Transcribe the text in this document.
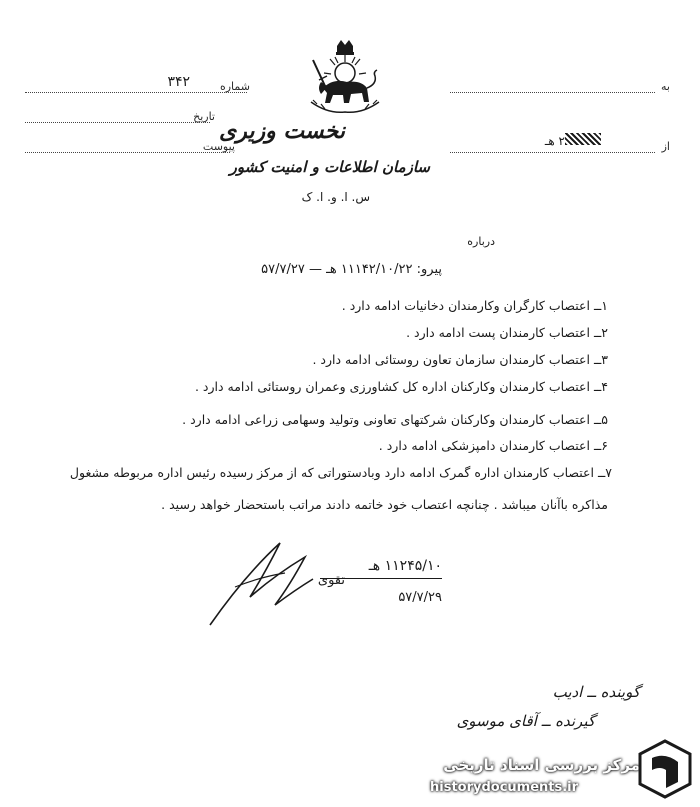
شماره
تاریخ
پیوست
نخست وزیری
سازمان اطلاعات و امنیت کشور
س. ا. و. ا. ک
به
۳۴۲
از
۲ هـ
درباره
پیرو: ۱۱۱۴۲/۱۰/۲۲ هـ — ۵۷/۷/۲۷
۱ــ اعتصاب کارگران وکارمندان دخانیات ادامه دارد .
۲ــ اعتصاب کارمندان پست ادامه دارد .
۳ــ اعتصاب کارمندان سازمان تعاون روستائی ادامه دارد .
۴ــ اعتصاب کارمندان وکارکنان اداره کل کشاورزی وعمران روستائی ادامه دارد .
۵ــ اعتصاب کارمندان وکارکنان شرکتهای تعاونی وتولید وسهامی زراعی ادامه دارد .
۶ــ اعتصاب کارمندان دامپزشکی ادامه دارد .
۷ــ اعتصاب کارمندان اداره گمرک ادامه دارد وبادستوراتی که از مرکز رسیده رئیس اداره مربوطه مشغول
مذاکره باآنان میباشد . چنانچه اعتصاب خود خاتمه دادند مراتب باستحضار خواهد رسید .
۱۱۲۴۵/۱۰ هـ
تقوی
۵۷/۷/۲۹
گوینده ــ ادیب
گیرنده ــ آقای موسوی
مرکز بررسی اسناد تاریخی
historydocuments.ir
